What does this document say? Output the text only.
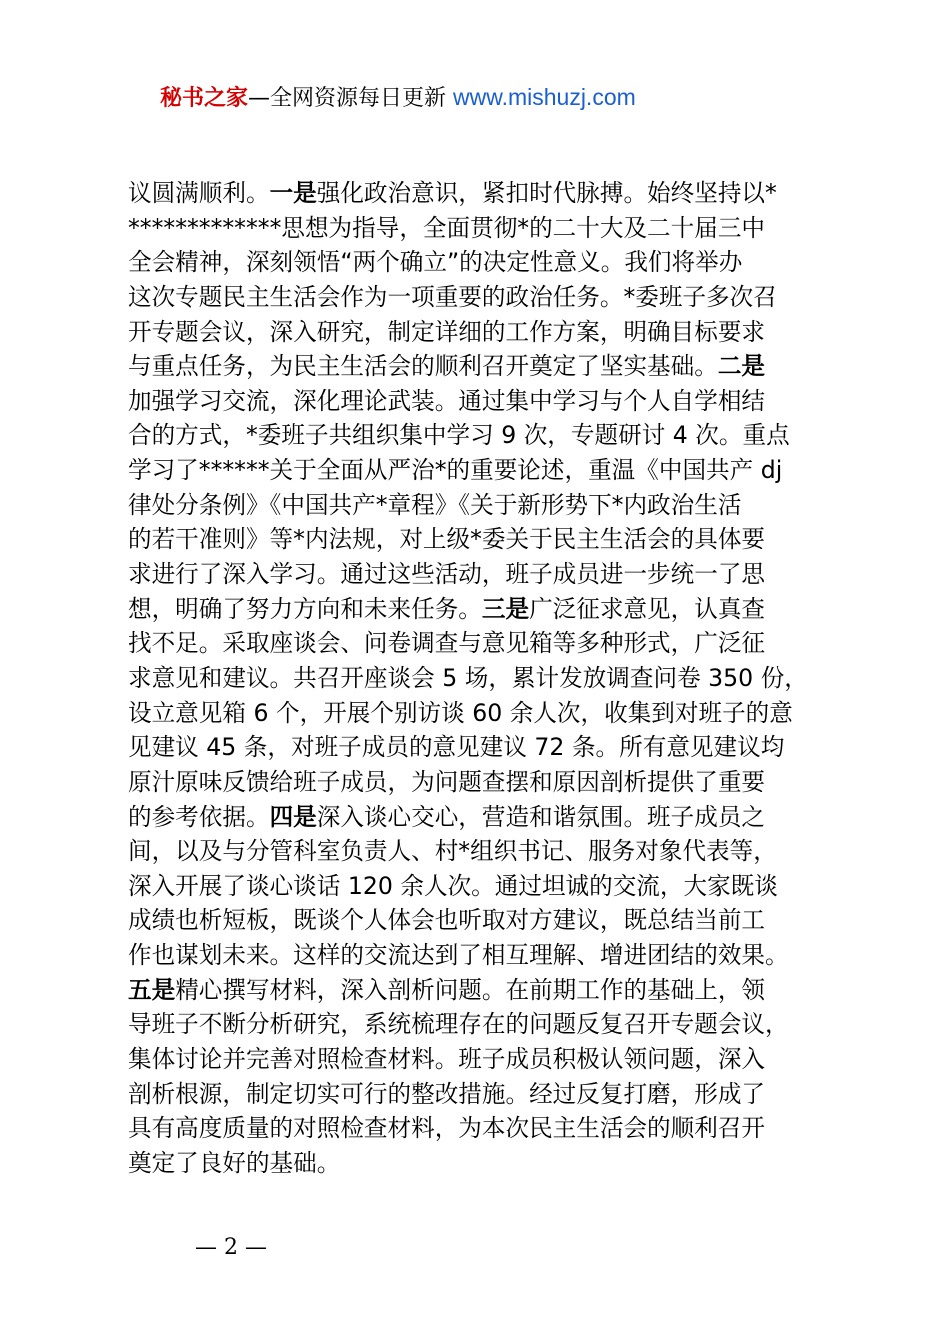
秘书之家—全网资源每日更新 www.mishuzj.com
议圆满顺利。一是强化政治意识，紧扣时代脉搏。始终坚持以*
*************思想为指导，全面贯彻*的二十大及二十届三中
全会精神，深刻领悟“两个确立”的决定性意义。我们将举办
这次专题民主生活会作为一项重要的政治任务。*委班子多次召
开专题会议，深入研究，制定详细的工作方案，明确目标要求
与重点任务，为民主生活会的顺利召开奠定了坚实基础。二是
加强学习交流，深化理论武装。通过集中学习与个人自学相结
合的方式，*委班子共组织集中学习 9 次，专题研讨 4 次。重点
学习了******关于全面从严治*的重要论述，重温《中国共产 dj
律处分条例》《中国共产*章程》《关于新形势下*内政治生活
的若干准则》等*内法规，对上级*委关于民主生活会的具体要
求进行了深入学习。通过这些活动，班子成员进一步统一了思
想，明确了努力方向和未来任务。三是广泛征求意见，认真查
找不足。采取座谈会、问卷调查与意见箱等多种形式，广泛征
求意见和建议。共召开座谈会 5 场，累计发放调查问卷 350 份，
设立意见箱 6 个，开展个别访谈 60 余人次，收集到对班子的意
见建议 45 条，对班子成员的意见建议 72 条。所有意见建议均
原汁原味反馈给班子成员，为问题查摆和原因剖析提供了重要
的参考依据。四是深入谈心交心，营造和谐氛围。班子成员之
间，以及与分管科室负责人、村*组织书记、服务对象代表等，
深入开展了谈心谈话 120 余人次。通过坦诚的交流，大家既谈
成绩也析短板，既谈个人体会也听取对方建议，既总结当前工
作也谋划未来。这样的交流达到了相互理解、增进团结的效果。
五是精心撰写材料，深入剖析问题。在前期工作的基础上，领
导班子不断分析研究，系统梳理存在的问题反复召开专题会议，
集体讨论并完善对照检查材料。班子成员积极认领问题，深入
剖析根源，制定切实可行的整改措施。经过反复打磨，形成了
具有高度质量的对照检查材料，为本次民主生活会的顺利召开
奠定了良好的基础。
— 2 —
